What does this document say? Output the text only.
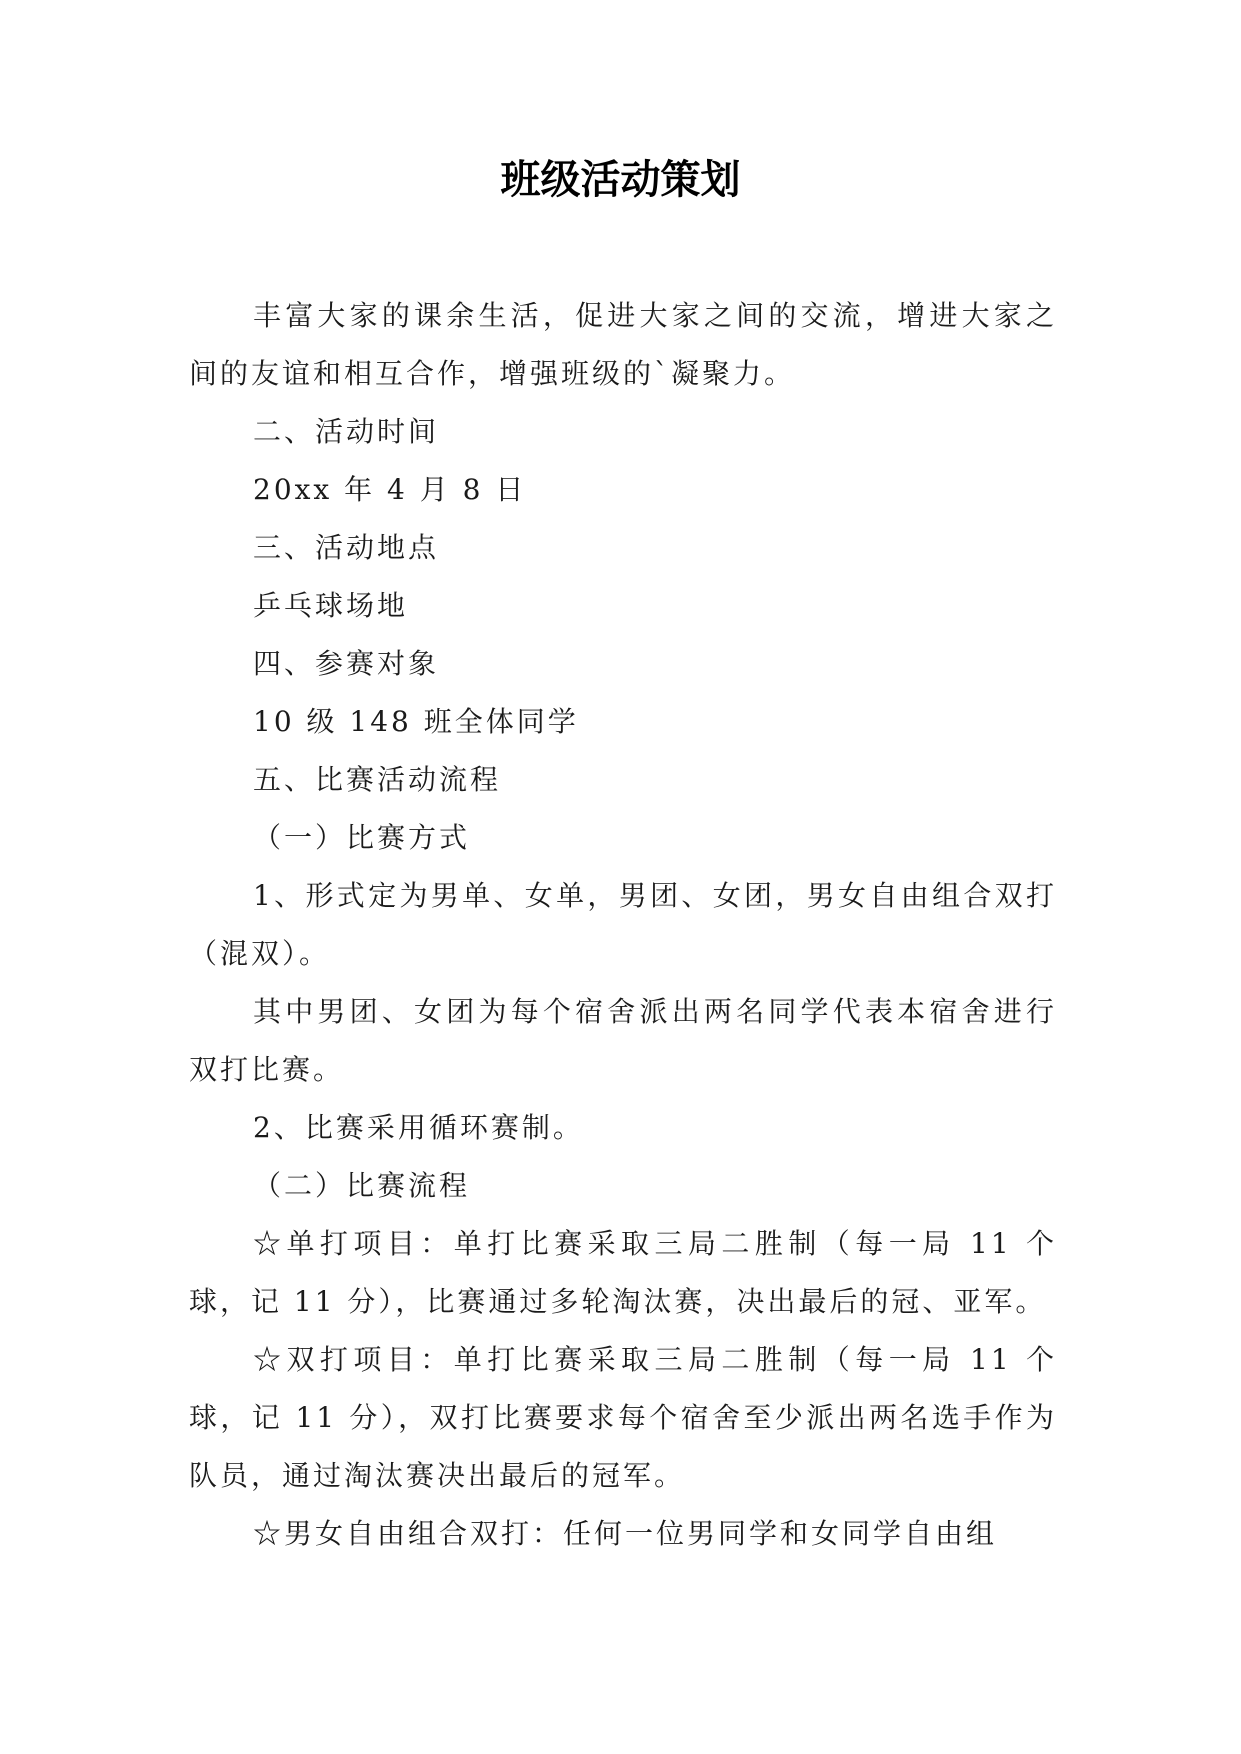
班级活动策划

丰富大家的课余生活，促进大家之间的交流，增进大家之间的友谊和相互合作，增强班级的`凝聚力。

二、活动时间

20xx 年 4 月 8 日

三、活动地点

乒乓球场地

四、参赛对象

10 级 148 班全体同学

五、比赛活动流程

（一）比赛方式

1、形式定为男单、女单，男团、女团，男女自由组合双打（混双）。

其中男团、女团为每个宿舍派出两名同学代表本宿舍进行双打比赛。

2、比赛采用循环赛制。

（二）比赛流程

☆单打项目：单打比赛采取三局二胜制（每一局 11 个球，记 11 分），比赛通过多轮淘汰赛，决出最后的冠、亚军。

☆双打项目：单打比赛采取三局二胜制（每一局 11 个球，记 11 分），双打比赛要求每个宿舍至少派出两名选手作为队员，通过淘汰赛决出最后的冠军。

☆男女自由组合双打：任何一位男同学和女同学自由组
